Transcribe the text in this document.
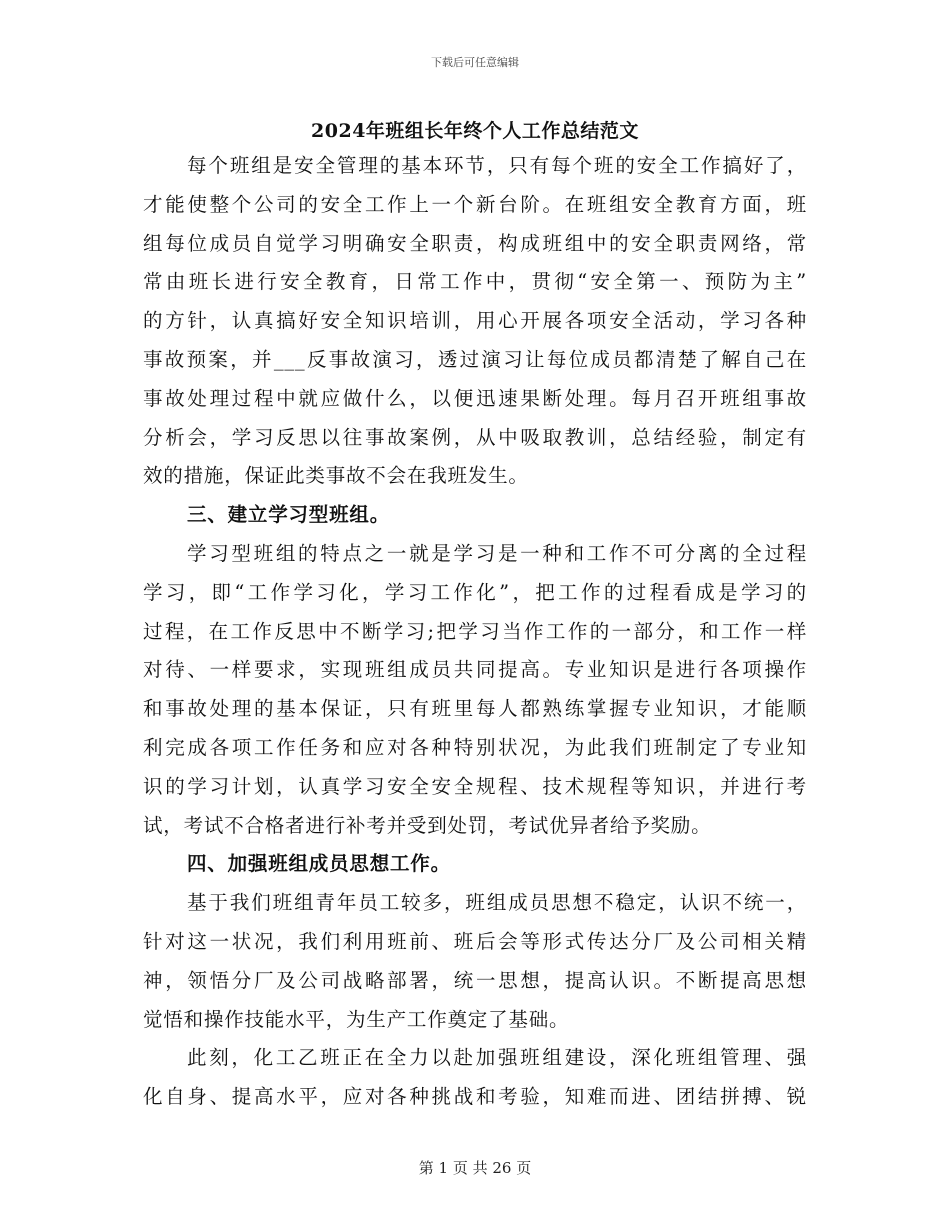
下载后可任意编辑
2024年班组长年终个人工作总结范文
每个班组是安全管理的基本环节，只有每个班的安全工作搞好了，
才能使整个公司的安全工作上一个新台阶。在班组安全教育方面，班
组每位成员自觉学习明确安全职责，构成班组中的安全职责网络，常
常由班长进行安全教育，日常工作中，贯彻“安全第一、预防为主”
的方针，认真搞好安全知识培训，用心开展各项安全活动，学习各种
事故预案，并___反事故演习，透过演习让每位成员都清楚了解自己在
事故处理过程中就应做什么，以便迅速果断处理。每月召开班组事故
分析会，学习反思以往事故案例，从中吸取教训，总结经验，制定有
效的措施，保证此类事故不会在我班发生。
三、建立学习型班组。
学习型班组的特点之一就是学习是一种和工作不可分离的全过程
学习，即“工作学习化，学习工作化”，把工作的过程看成是学习的
过程，在工作反思中不断学习;把学习当作工作的一部分，和工作一样
对待、一样要求，实现班组成员共同提高。专业知识是进行各项操作
和事故处理的基本保证，只有班里每人都熟练掌握专业知识，才能顺
利完成各项工作任务和应对各种特别状况，为此我们班制定了专业知
识的学习计划，认真学习安全安全规程、技术规程等知识，并进行考
试，考试不合格者进行补考并受到处罚，考试优异者给予奖励。
四、加强班组成员思想工作。
基于我们班组青年员工较多，班组成员思想不稳定，认识不统一，
针对这一状况，我们利用班前、班后会等形式传达分厂及公司相关精
神，领悟分厂及公司战略部署，统一思想，提高认识。不断提高思想
觉悟和操作技能水平，为生产工作奠定了基础。
此刻，化工乙班正在全力以赴加强班组建设，深化班组管理、强
化自身、提高水平，应对各种挑战和考验，知难而进、团结拼搏、锐
第 1 页 共 26 页
